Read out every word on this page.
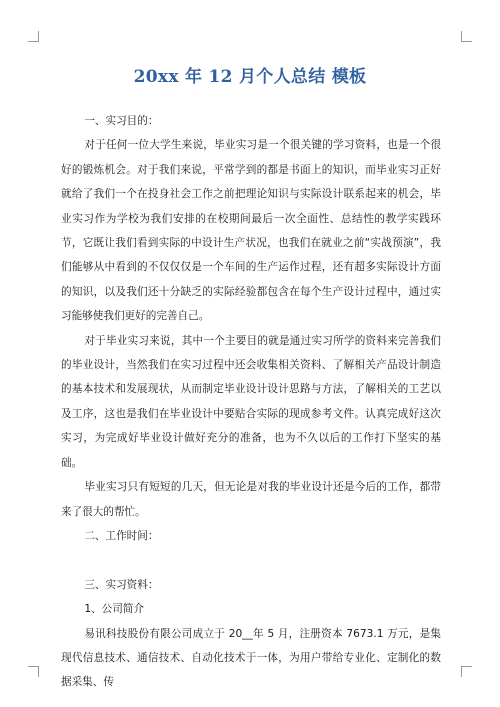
20xx 年 12 月个人总结 模板

一、实习目的：

对于任何一位大学生来说，毕业实习是一个很关键的学习资料，也是一个很好的锻炼机会。对于我们来说，平常学到的都是书面上的知识，而毕业实习正好就给了我们一个在投身社会工作之前把理论知识与实际设计联系起来的机会，毕业实习作为学校为我们安排的在校期间最后一次全面性、总结性的教学实践环节，它既让我们看到实际的中设计生产状况，也我们在就业之前“实战预演”，我们能够从中看到的不仅仅仅是一个车间的生产运作过程，还有超多实际设计方面的知识，以及我们还十分缺乏的实际经验都包含在每个生产设计过程中，通过实习能够使我们更好的完善自己。

对于毕业实习来说，其中一个主要目的就是通过实习所学的资料来完善我们的毕业设计，当然我们在实习过程中还会收集相关资料、了解相关产品设计制造的基本技术和发展现状，从而制定毕业设计设计思路与方法，了解相关的工艺以及工序，这也是我们在毕业设计中要贴合实际的现成参考文件。认真完成好这次实习，为完成好毕业设计做好充分的准备，也为不久以后的工作打下坚实的基础。

毕业实习只有短短的几天，但无论是对我的毕业设计还是今后的工作，都带来了很大的帮忙。

二、工作时间：

三、实习资料：

1、公司简介

易讯科技股份有限公司成立于 20__年 5 月，注册资本 7673.1 万元，是集现代信息技术、通信技术、自动化技术于一体，为用户带给专业化、定制化的数据采集、传
